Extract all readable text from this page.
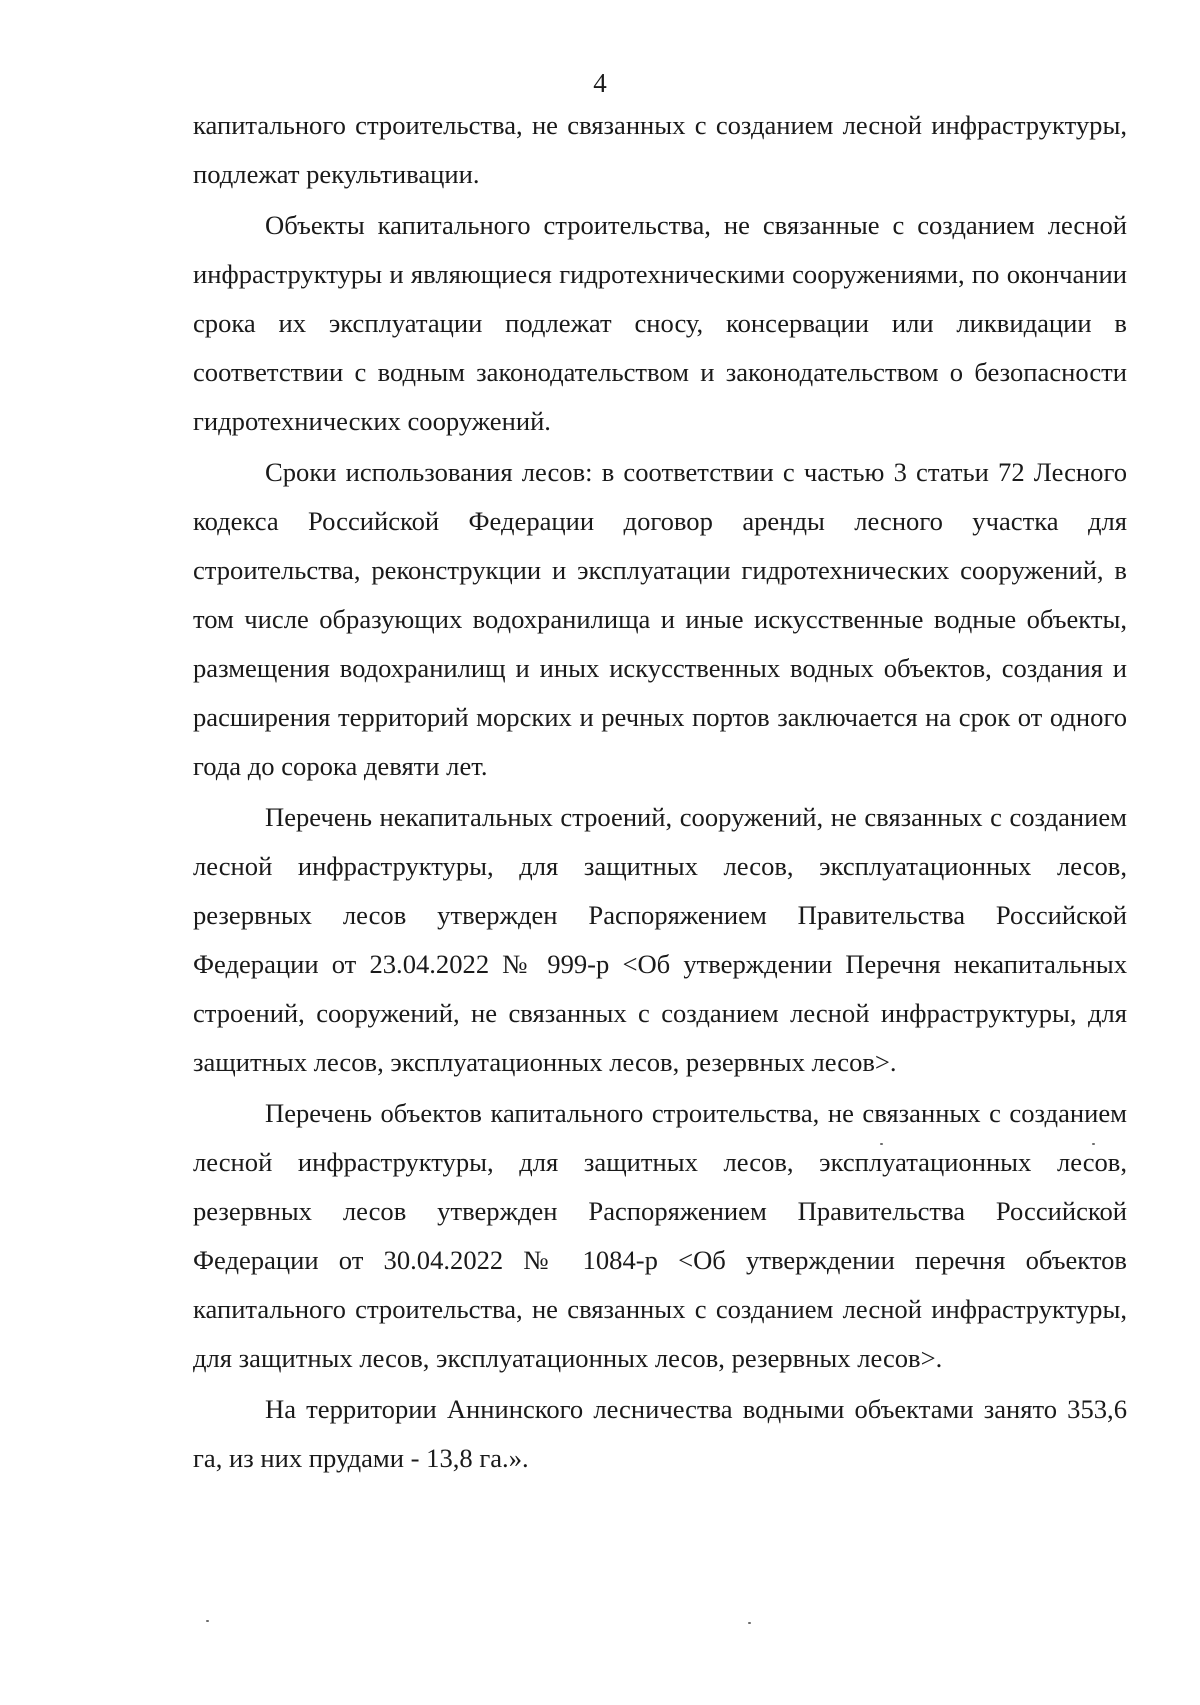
4

капитального строительства, не связанных с созданием лесной инфраструктуры, подлежат рекультивации.

Объекты капитального строительства, не связанные с созданием лесной инфраструктуры и являющиеся гидротехническими сооружениями, по окончании срока их эксплуатации подлежат сносу, консервации или ликвидации в соответствии с водным законодательством и законодательством о безопасности гидротехнических сооружений.

Сроки использования лесов: в соответствии с частью 3 статьи 72 Лесного кодекса Российской Федерации договор аренды лесного участка для строительства, реконструкции и эксплуатации гидротехнических сооружений, в том числе образующих водохранилища и иные искусственные водные объекты, размещения водохранилищ и иных искусственных водных объектов, создания и расширения территорий морских и речных портов заключается на срок от одного года до сорока девяти лет.

Перечень некапитальных строений, сооружений, не связанных с созданием лесной инфраструктуры, для защитных лесов, эксплуатационных лесов, резервных лесов утвержден Распоряжением Правительства Российской Федерации от 23.04.2022 № 999-р <Об утверждении Перечня некапитальных строений, сооружений, не связанных с созданием лесной инфраструктуры, для защитных лесов, эксплуатационных лесов, резервных лесов>.

Перечень объектов капитального строительства, не связанных с созданием лесной инфраструктуры, для защитных лесов, эксплуатационных лесов, резервных лесов утвержден Распоряжением Правительства Российской Федерации от 30.04.2022 № 1084-р <Об утверждении перечня объектов капитального строительства, не связанных с созданием лесной инфраструктуры, для защитных лесов, эксплуатационных лесов, резервных лесов>.

На территории Аннинского лесничества водными объектами занято 353,6 га, из них прудами - 13,8 га.».
